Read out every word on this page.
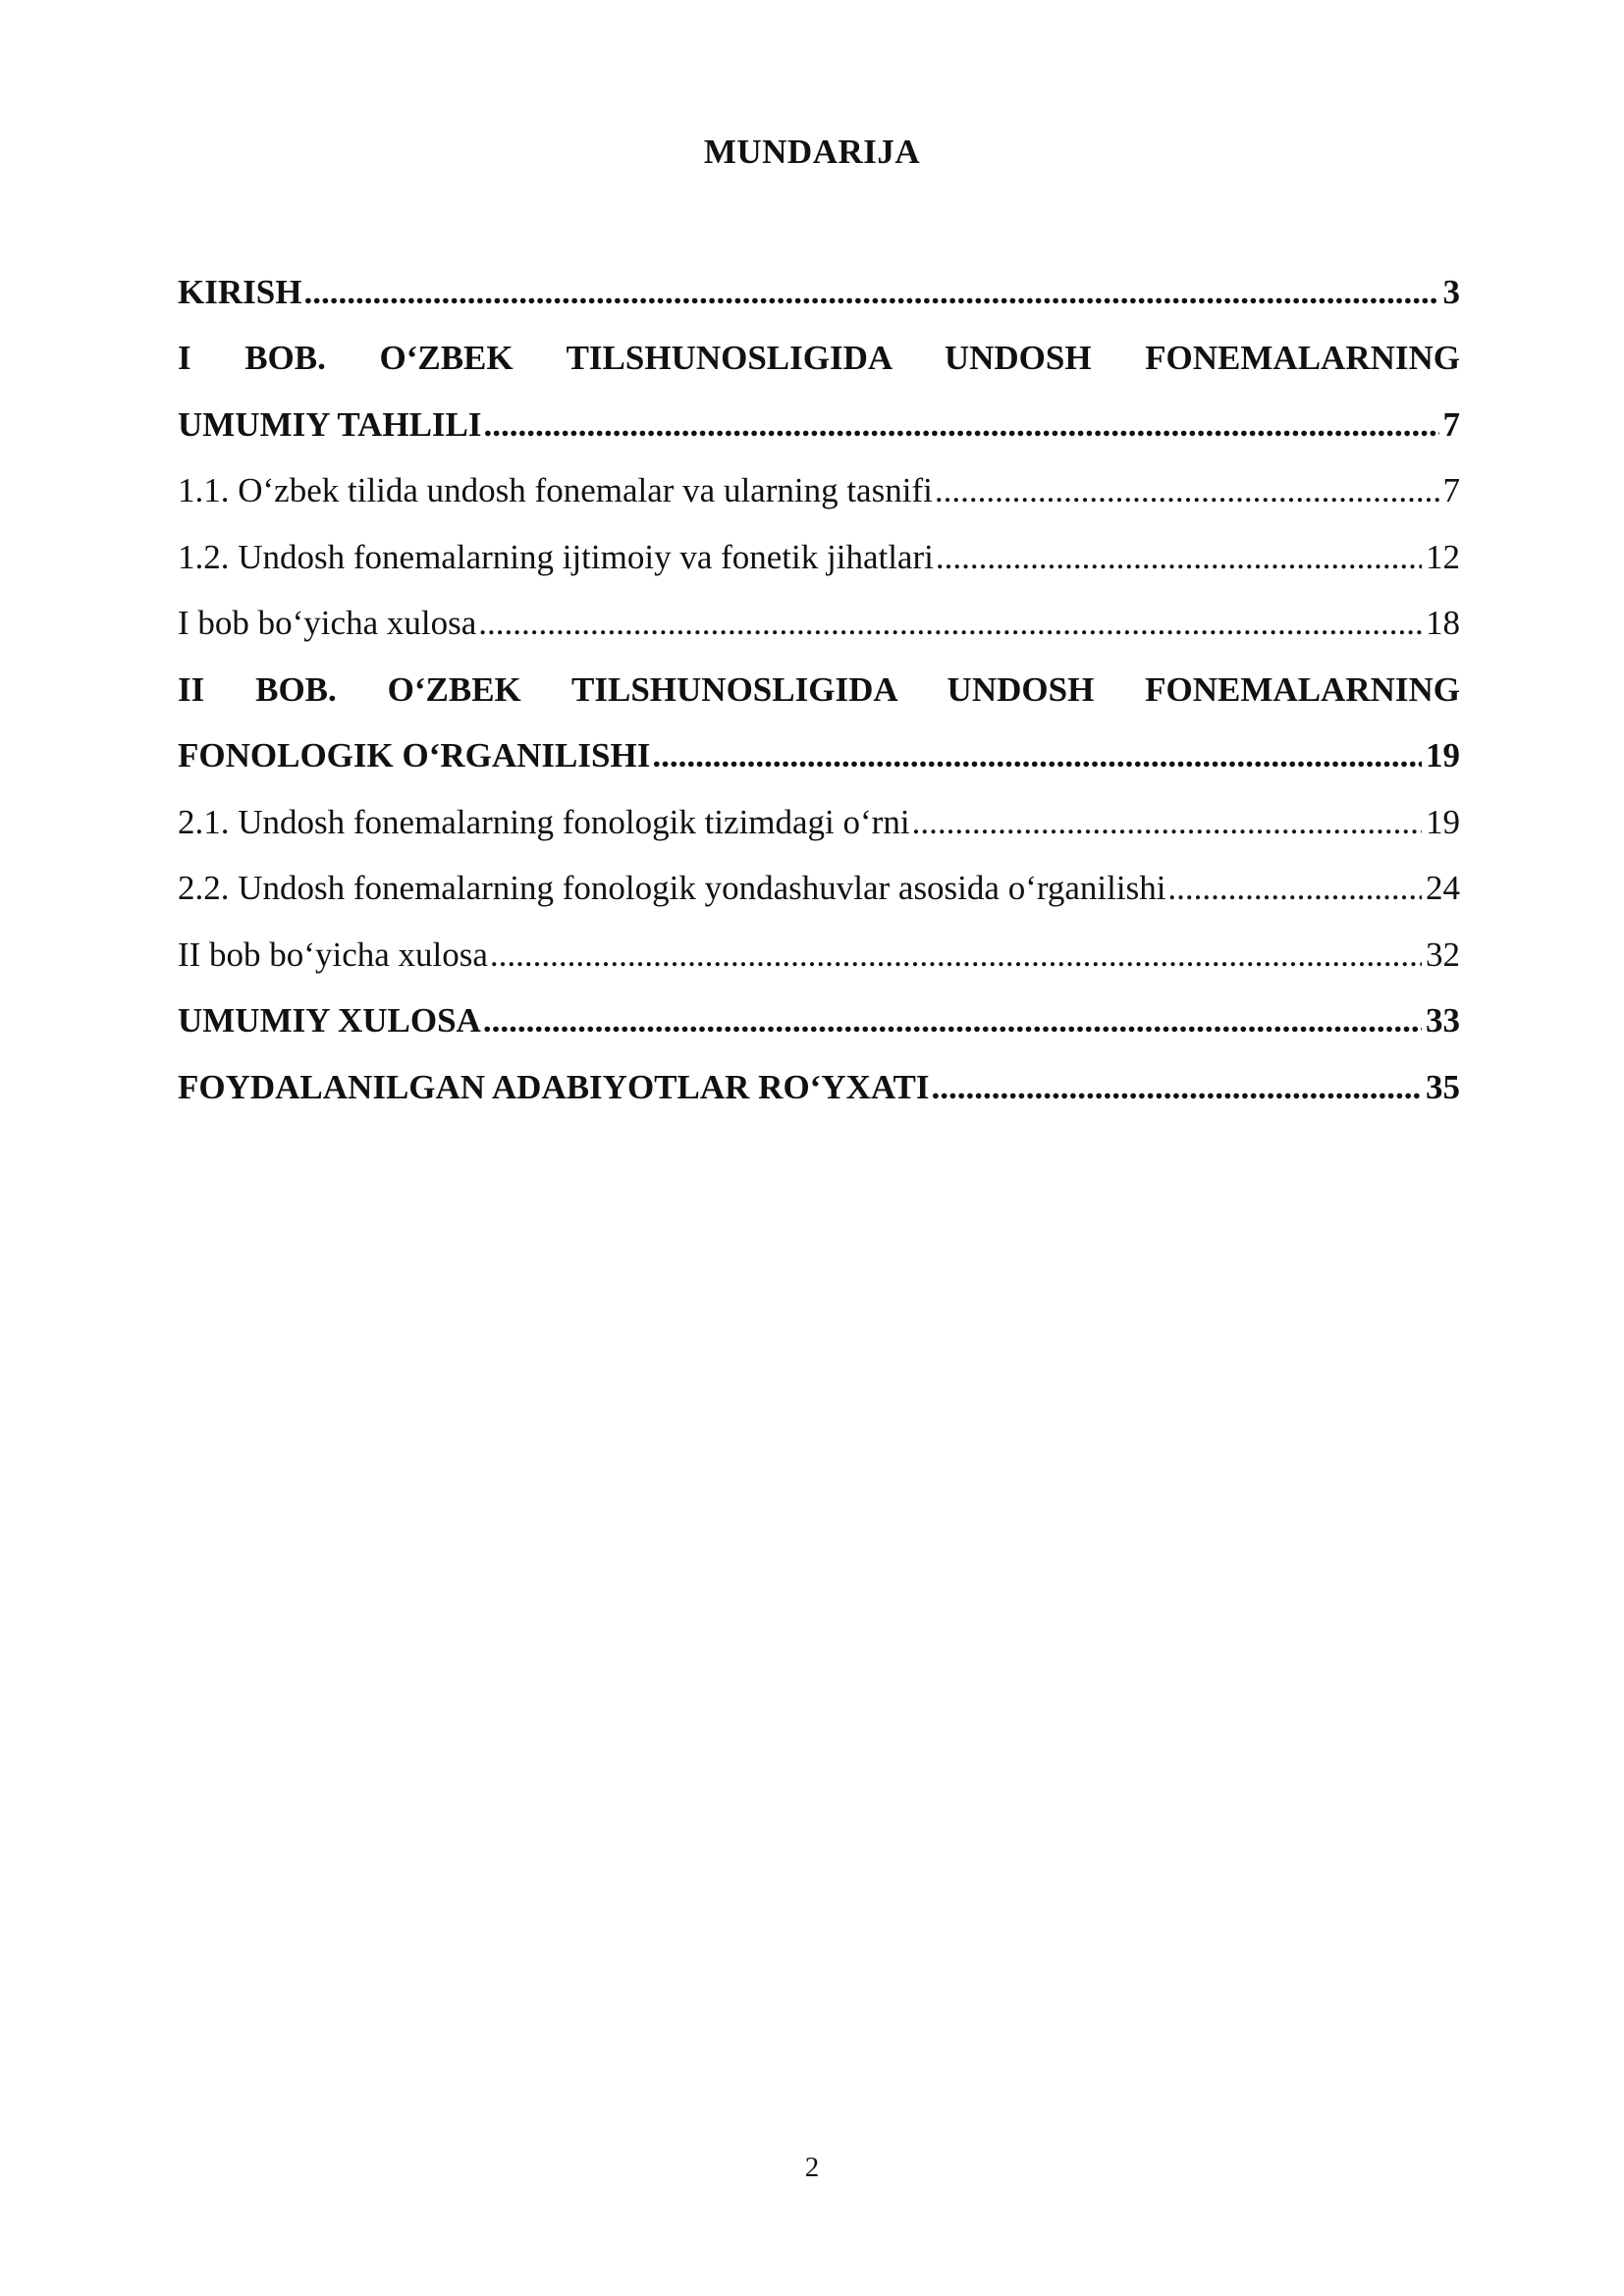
MUNDARIJA
KIRISH .....	3
I BOB. O‘ZBEK TILSHUNOSLIGIDA UNDOSH FONEMALARNING
UMUMIY TAHLILI .....	7
1.1. O‘zbek tilida undosh fonemalar va ularning tasnifi .....	7
1.2. Undosh fonemalarning ijtimoiy va fonetik jihatlari .....	12
I bob bo‘yicha xulosa .....	18
II BOB. O‘ZBEK TILSHUNOSLIGIDA UNDOSH FONEMALARNING
FONOLOGIK O‘RGANILISHI .....	19
2.1. Undosh fonemalarning fonologik tizimdagi o‘rni .....	19
2.2. Undosh fonemalarning fonologik yondashuvlar asosida o‘rganilishi .....	24
II bob bo‘yicha xulosa .....	32
UMUMIY XULOSA .....	33
FOYDALANILGAN ADABIYOTLAR RO‘YXATI .....	35
2
